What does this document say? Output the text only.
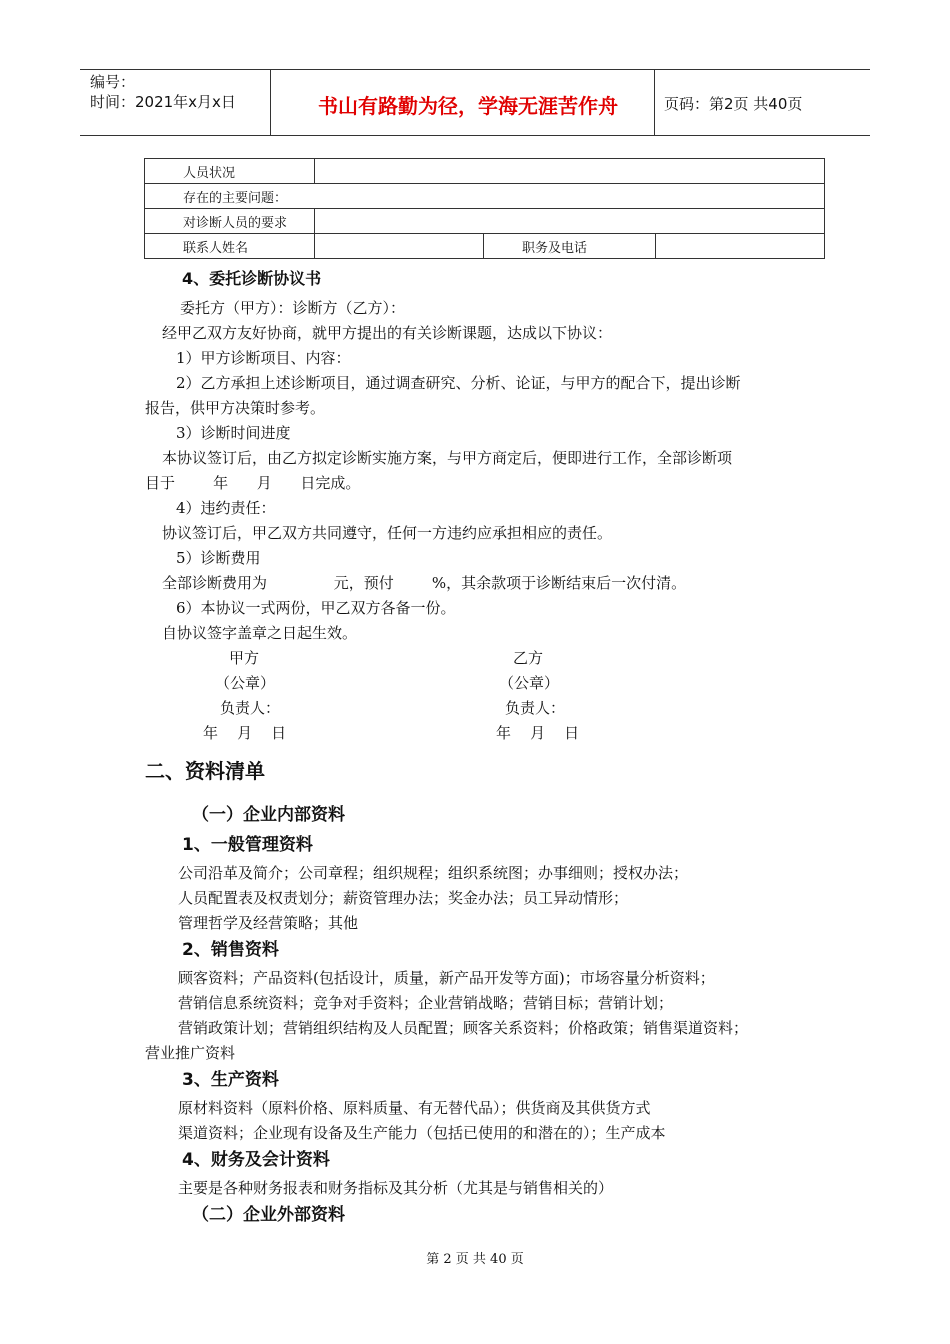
编号：
时间：2021年x月x日	书山有路勤为径，学海无涯苦作舟	页码：第2页 共40页
人员状况			
存在的主要问题：			
对诊断人员的要求			
联系人姓名		职务及电话	
4、委托诊断协议书
委托方（甲方）：诊断方（乙方）：
经甲乙双方友好协商，就甲方提出的有关诊断课题，达成以下协议：
1）甲方诊断项目、内容：
2）乙方承担上述诊断项目，通过调查研究、分析、论证，与甲方的配合下，提出诊断
报告，供甲方决策时参考。
3）诊断时间进度
本协议签订后，由乙方拟定诊断实施方案，与甲方商定后，便即进行工作，全部诊断项
目于        年      月      日完成。
4）违约责任：
协议签订后，甲乙双方共同遵守，任何一方违约应承担相应的责任。
5）诊断费用
全部诊断费用为              元，预付        %，其余款项于诊断结束后一次付清。
6）本协议一式两份，甲乙双方各备一份。
自协议签字盖章之日起生效。
甲方	乙方
（公章）	（公章）
负责人：	负责人：
年    月    日	年    月    日
二、资料清单
（一）企业内部资料
1、一般管理资料
公司沿革及简介；公司章程；组织规程；组织系统图；办事细则；授权办法；
人员配置表及权责划分；薪资管理办法；奖金办法；员工异动情形；
管理哲学及经营策略；其他
2、销售资料
顾客资料；产品资料(包括设计，质量，新产品开发等方面)；市场容量分析资料；
营销信息系统资料；竞争对手资料；企业营销战略；营销目标；营销计划；
营销政策计划；营销组织结构及人员配置；顾客关系资料；价格政策；销售渠道资料；
营业推广资料
3、生产资料
原材料资料（原料价格、原料质量、有无替代品）；供货商及其供货方式
渠道资料；企业现有设备及生产能力（包括已使用的和潜在的）；生产成本
4、财务及会计资料
主要是各种财务报表和财务指标及其分析（尤其是与销售相关的）
（二）企业外部资料
第 2 页 共 40 页
